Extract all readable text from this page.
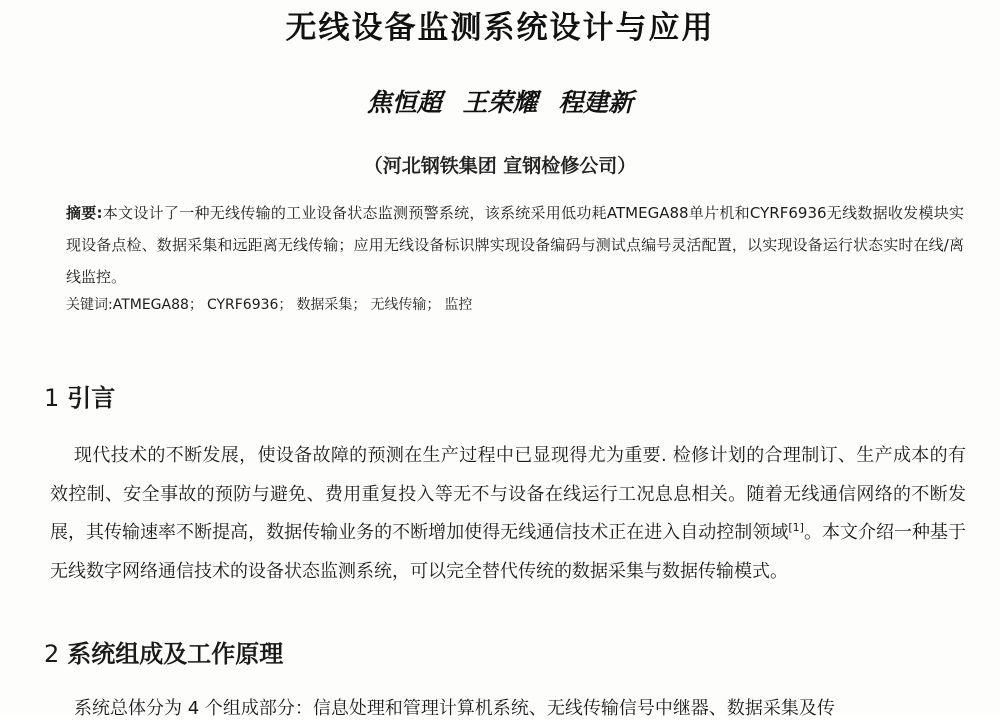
无线设备监测系统设计与应用
焦恒超 王荣耀 程建新
（河北钢铁集团 宣钢检修公司）
摘要:本文设计了一种无线传输的工业设备状态监测预警系统，该系统采用低功耗ATMEGA88单片机和CYRF6936无线数据收发模块实现设备点检、数据采集和远距离无线传输；应用无线设备标识牌实现设备编码与测试点编号灵活配置，以实现设备运行状态实时在线/离线监控。
关键词:ATMEGA88； CYRF6936； 数据采集； 无线传输； 监控
1 引言
现代技术的不断发展，使设备故障的预测在生产过程中已显现得尤为重要. 检修计划的合理制订、生产成本的有效控制、安全事故的预防与避免、费用重复投入等无不与设备在线运行工况息息相关。随着无线通信网络的不断发展，其传输速率不断提高，数据传输业务的不断增加使得无线通信技术正在进入自动控制领域[1]。本文介绍一种基于无线数字网络通信技术的设备状态监测系统，可以完全替代传统的数据采集与数据传输模式。
2 系统组成及工作原理
系统总体分为 4 个组成部分：信息处理和管理计算机系统、无线传输信号中继器、数据采集及传
